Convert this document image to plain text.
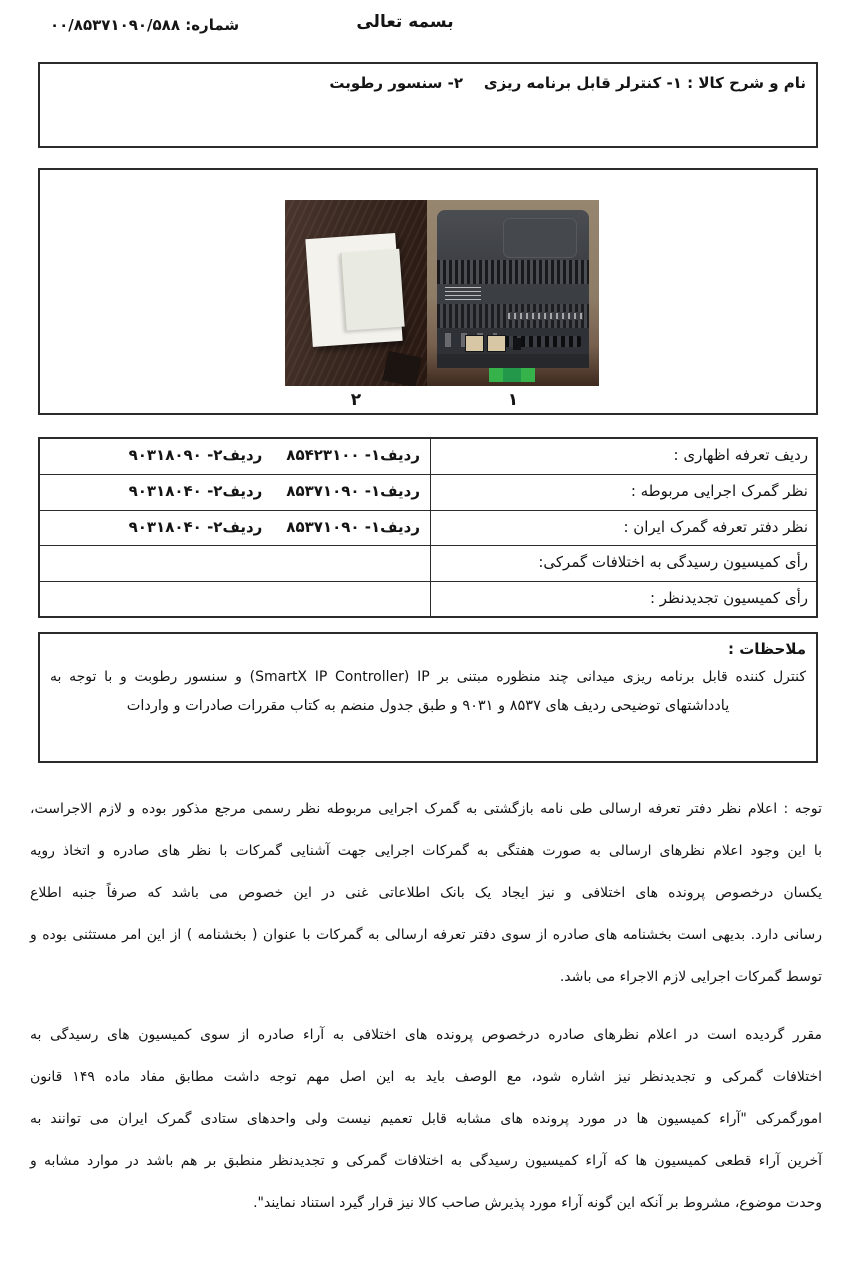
شماره: ۰۰/۸۵۳۷۱۰۹۰/۵۸۸	بسمه تعالی
نام و شرح کالا : ۱- کنترلر قابل برنامه ریزی    ۲- سنسور رطوبت
۲	۱
ردیف تعرفه اظهاری :
ردیف۱- ۸۵۴۲۳۱۰۰
ردیف۲- ۹۰۳۱۸۰۹۰
نظر گمرک اجرایی مربوطه :
ردیف۱- ۸۵۳۷۱۰۹۰
ردیف۲- ۹۰۳۱۸۰۴۰
نظر دفتر تعرفه گمرک ایران :
ردیف۱- ۸۵۳۷۱۰۹۰
ردیف۲- ۹۰۳۱۸۰۴۰
رأی کمیسیون رسیدگی به اختلافات گمرکی:
رأی کمیسیون تجدیدنظر :
ملاحظات :
کنترل کننده قابل برنامه ریزی میدانی چند منظوره مبتنی بر ⁦(SmartX IP Controller) IP⁩ و سنسور رطوبت و با توجه به
یادداشتهای توضیحی ردیف های ۸۵۳۷ و ۹۰۳۱ و طبق جدول منضم به کتاب مقررات صادرات و واردات
توجه : اعلام نظر دفتر تعرفه ارسالی طی نامه بازگشتی به گمرک اجرایی مربوطه نظر رسمی مرجع مذکور بوده و لازم الاجراست،
با این وجود اعلام نظرهای ارسالی به صورت هفتگی به گمرکات اجرایی جهت آشنایی گمرکات با نظر های صادره و اتخاذ رویه
یکسان درخصوص پرونده های اختلافی و نیز ایجاد یک بانک اطلاعاتی غنی در این خصوص می باشد که صرفاً جنبه اطلاع
رسانی دارد. بدیهی است بخشنامه های صادره از سوی دفتر تعرفه ارسالی به گمرکات با عنوان ( بخشنامه ) از این امر مستثنی بوده و
توسط گمرکات اجرایی لازم الاجراء می باشد.
مقرر گردیده است در اعلام نظرهای صادره درخصوص پرونده های اختلافی به آراء صادره از سوی کمیسیون های رسیدگی به
اختلافات گمرکی و تجدیدنظر نیز اشاره شود، مع الوصف باید به این اصل مهم توجه داشت مطابق مفاد ماده ۱۴۹ قانون
امورگمرکی "آراء کمیسیون ها در مورد پرونده های مشابه قابل تعمیم نیست ولی واحدهای ستادی گمرک ایران می توانند به
آخرین آراء قطعی کمیسیون ها که آراء کمیسیون رسیدگی به اختلافات گمرکی و تجدیدنظر منطبق بر هم باشد در موارد مشابه و
وحدت موضوع، مشروط بر آنکه این گونه آراء مورد پذیرش صاحب کالا نیز قرار گیرد استناد نمایند".
